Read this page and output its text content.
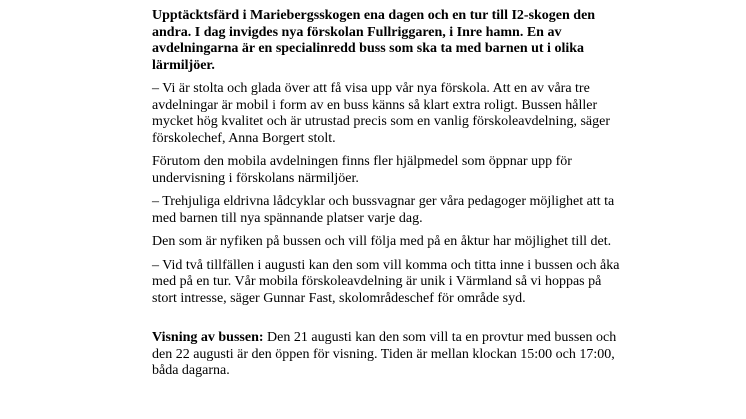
Upptäcktsfärd i Mariebergsskogen ena dagen och en tur till I2-skogen den andra. I dag invigdes nya förskolan Fullriggaren, i Inre hamn. En av avdelningarna är en specialinredd buss som ska ta med barnen ut i olika lärmiljöer.

– Vi är stolta och glada över att få visa upp vår nya förskola. Att en av våra tre avdelningar är mobil i form av en buss känns så klart extra roligt. Bussen håller mycket hög kvalitet och är utrustad precis som en vanlig förskoleavdelning, säger förskolechef, Anna Borgert stolt.

Förutom den mobila avdelningen finns fler hjälpmedel som öppnar upp för undervisning i förskolans närmiljöer.

– Trehjuliga eldrivna lådcyklar och bussvagnar ger våra pedagoger möjlighet att ta med barnen till nya spännande platser varje dag.

Den som är nyfiken på bussen och vill följa med på en åktur har möjlighet till det.

– Vid två tillfällen i augusti kan den som vill komma och titta inne i bussen och åka med på en tur. Vår mobila förskoleavdelning är unik i Värmland så vi hoppas på stort intresse, säger Gunnar Fast, skolområdeschef för område syd.

Visning av bussen: Den 21 augusti kan den som vill ta en provtur med bussen och den 22 augusti är den öppen för visning. Tiden är mellan klockan 15:00 och 17:00, båda dagarna.
